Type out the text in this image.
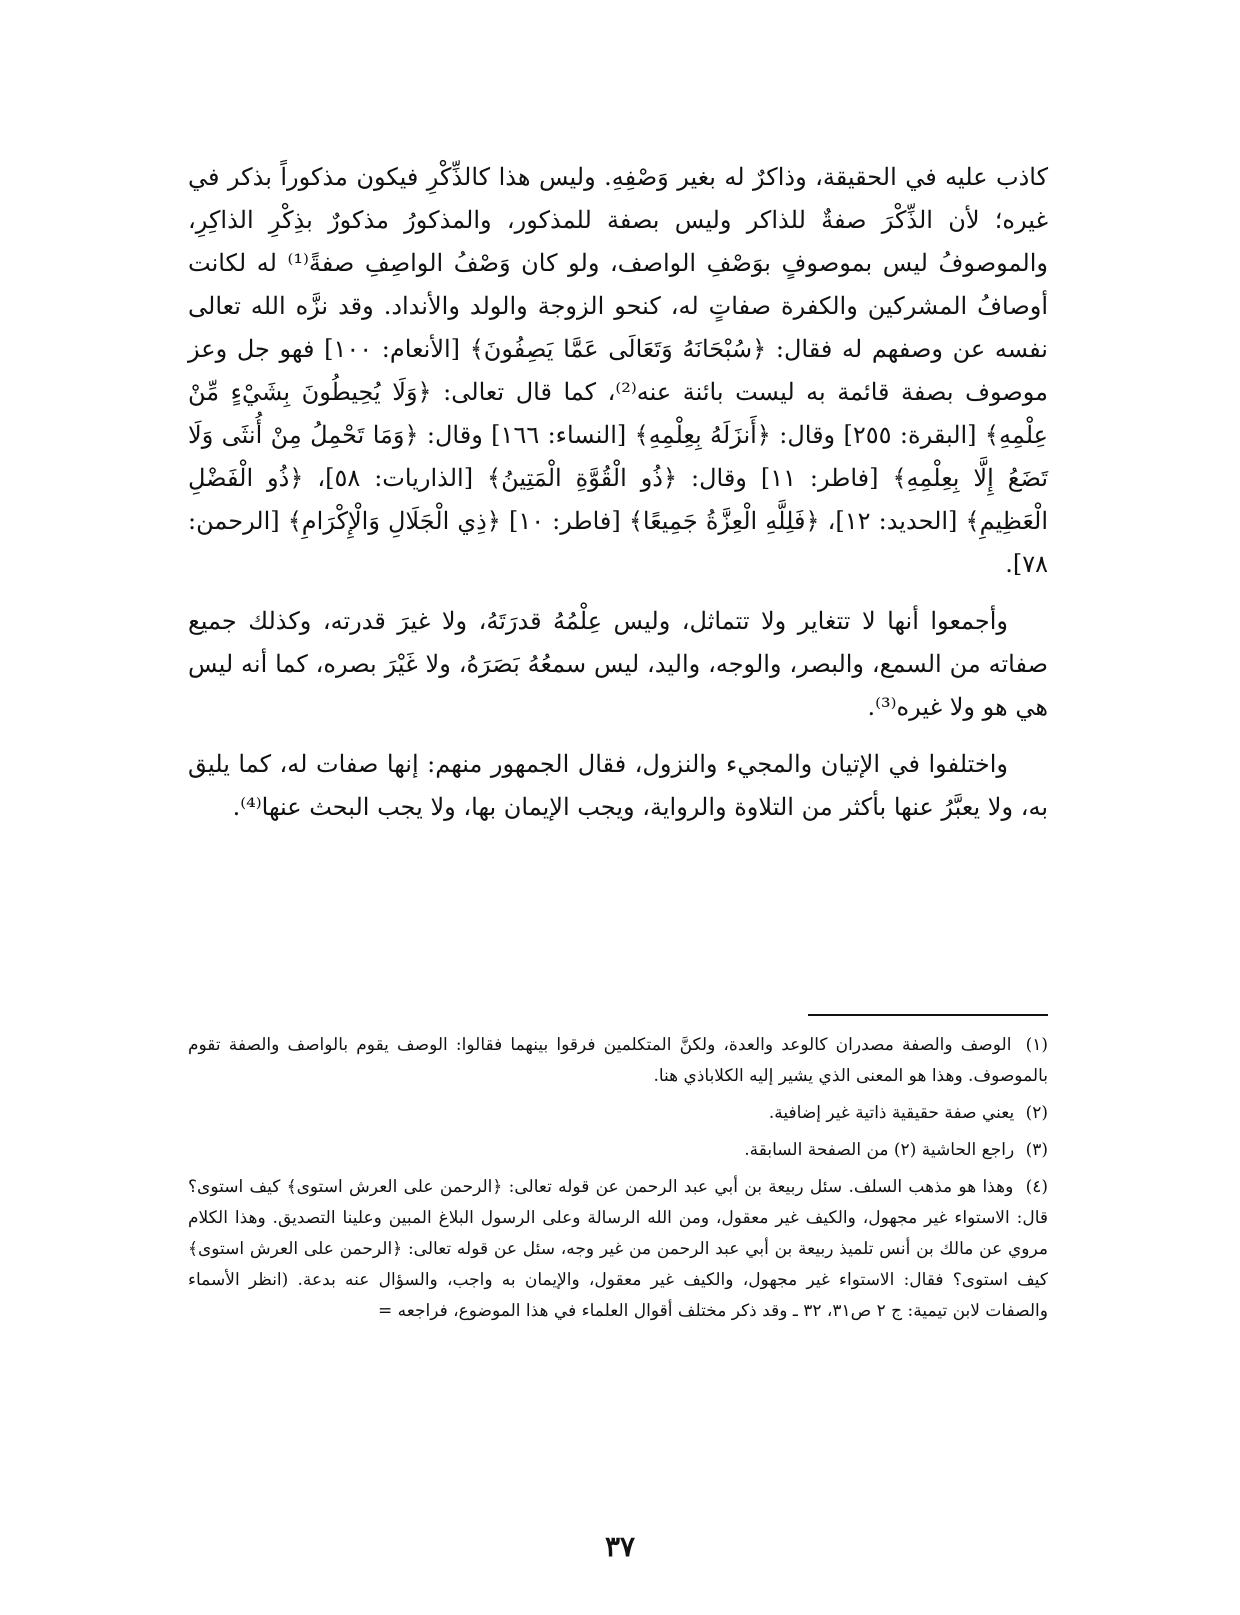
كاذب عليه في الحقيقة، وذاكرٌ له بغير وَصْفِهِ. وليس هذا كالذِّكْرِ فيكون مذكوراً بذكر في غيره؛ لأن الذِّكْرَ صفةٌ للذاكر وليس بصفة للمذكور، والمذكورُ مذكورٌ بذِكْرِ الذاكِرِ، والموصوفُ ليس بموصوفٍ بوَصْفِ الواصف، ولو كان وَصْفُ الواصِفِ صفةً⁽¹⁾ له لكانت أوصافُ المشركين والكفرة صفاتٍ له، كنحو الزوجة والولد والأنداد. وقد نزَّه الله تعالى نفسه عن وصفهم له فقال: ﴿سُبْحَانَهُ وَتَعَالَى عَمَّا يَصِفُونَ﴾ [الأنعام: ١٠٠] فهو جل وعز موصوف بصفة قائمة به ليست بائنة عنه⁽²⁾، كما قال تعالى: ﴿وَلَا يُحِيطُونَ بِشَيْءٍ مِّنْ عِلْمِهِ﴾ [البقرة: ٢٥٥] وقال: ﴿أَنزَلَهُ بِعِلْمِهِ﴾ [النساء: ١٦٦] وقال: ﴿وَمَا تَحْمِلُ مِنْ أُنثَى وَلَا تَضَعُ إِلَّا بِعِلْمِهِ﴾ [فاطر: ١١] وقال: ﴿ذُو الْقُوَّةِ الْمَتِينُ﴾ [الذاريات: ٥٨]، ﴿ذُو الْفَضْلِ الْعَظِيمِ﴾ [الحديد: ١٢]، ﴿فَلِلَّهِ الْعِزَّةُ جَمِيعًا﴾ [فاطر: ١٠] ﴿ذِي الْجَلَالِ وَالْإِكْرَامِ﴾ [الرحمن: ٧٨].

وأجمعوا أنها لا تتغاير ولا تتماثل، وليس عِلْمُهُ قدرَتَهُ، ولا غيرَ قدرته، وكذلك جميع صفاته من السمع، والبصر، والوجه، واليد، ليس سمعُهُ بَصَرَهُ، ولا غَيْرَ بصره، كما أنه ليس هي هو ولا غيره⁽³⁾.

واختلفوا في الإتيان والمجيء والنزول، فقال الجمهور منهم: إنها صفات له، كما يليق به، ولا يعبَّرُ عنها بأكثر من التلاوة والرواية، ويجب الإيمان بها، ولا يجب البحث عنها⁽⁴⁾.

(١) الوصف والصفة مصدران كالوعد والعدة، ولكنَّ المتكلمين فرقوا بينهما فقالوا: الوصف يقوم بالواصف والصفة تقوم بالموصوف. وهذا هو المعنى الذي يشير إليه الكلاباذي هنا.
(٢) يعني صفة حقيقية ذاتية غير إضافية.
(٣) راجع الحاشية (٢) من الصفحة السابقة.
(٤) وهذا هو مذهب السلف. سئل ربيعة بن أبي عبد الرحمن عن قوله تعالى: ﴿الرحمن على العرش استوى﴾ كيف استوى؟ قال: الاستواء غير مجهول، والكيف غير معقول، ومن الله الرسالة وعلى الرسول البلاغ المبين وعلينا التصديق. وهذا الكلام مروي عن مالك بن أنس تلميذ ربيعة بن أبي عبد الرحمن من غير وجه، سئل عن قوله تعالى: ﴿الرحمن على العرش استوى﴾ كيف استوى؟ فقال: الاستواء غير مجهول، والكيف غير معقول، والإيمان به واجب، والسؤال عنه بدعة. (انظر الأسماء والصفات لابن تيمية: ج ٢ ص٣١، ٣٢ ـ وقد ذكر مختلف أقوال العلماء في هذا الموضوع، فراجعه =
٣٧
